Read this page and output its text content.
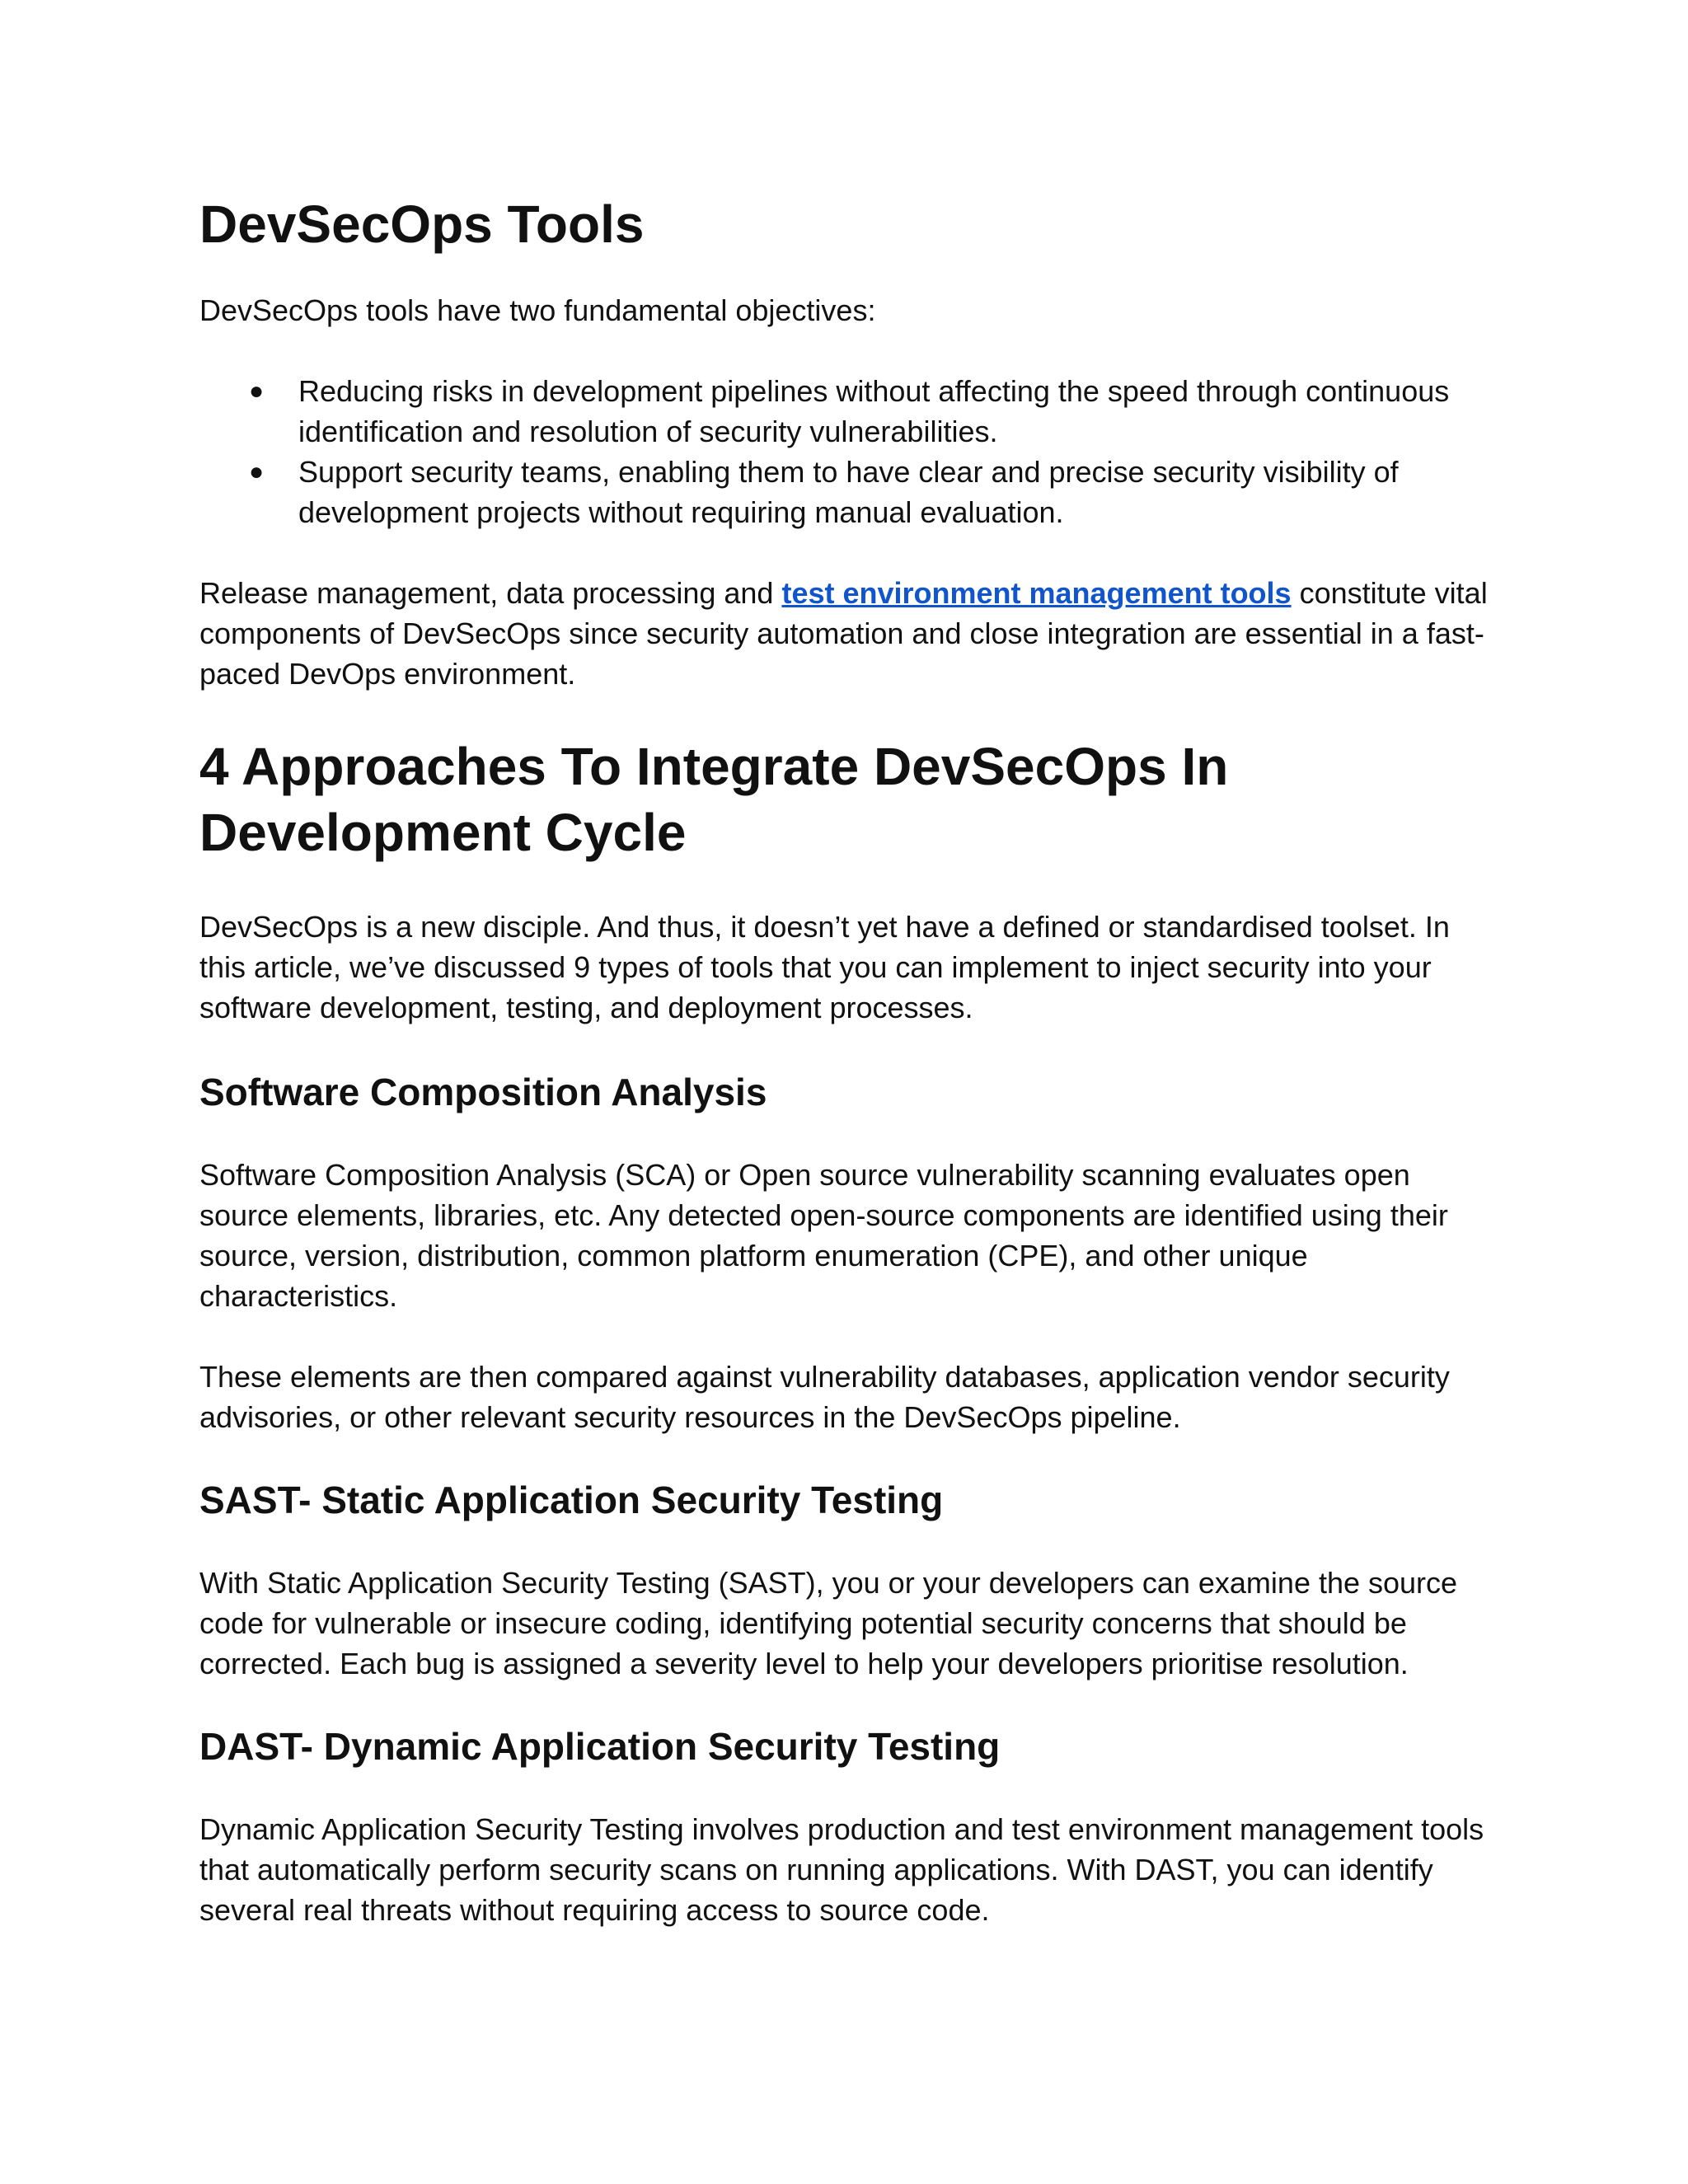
DevSecOps Tools

DevSecOps tools have two fundamental objectives:

● Reducing risks in development pipelines without affecting the speed through continuous identification and resolution of security vulnerabilities.
● Support security teams, enabling them to have clear and precise security visibility of development projects without requiring manual evaluation.

Release management, data processing and test environment management tools constitute vital components of DevSecOps since security automation and close integration are essential in a fast-paced DevOps environment.

4 Approaches To Integrate DevSecOps In Development Cycle

DevSecOps is a new disciple. And thus, it doesn’t yet have a defined or standardised toolset. In this article, we’ve discussed 9 types of tools that you can implement to inject security into your software development, testing, and deployment processes.

Software Composition Analysis

Software Composition Analysis (SCA) or Open source vulnerability scanning evaluates open source elements, libraries, etc. Any detected open-source components are identified using their source, version, distribution, common platform enumeration (CPE), and other unique characteristics.

These elements are then compared against vulnerability databases, application vendor security advisories, or other relevant security resources in the DevSecOps pipeline.

SAST- Static Application Security Testing

With Static Application Security Testing (SAST), you or your developers can examine the source code for vulnerable or insecure coding, identifying potential security concerns that should be corrected. Each bug is assigned a severity level to help your developers prioritise resolution.

DAST- Dynamic Application Security Testing

Dynamic Application Security Testing involves production and test environment management tools that automatically perform security scans on running applications. With DAST, you can identify several real threats without requiring access to source code.
